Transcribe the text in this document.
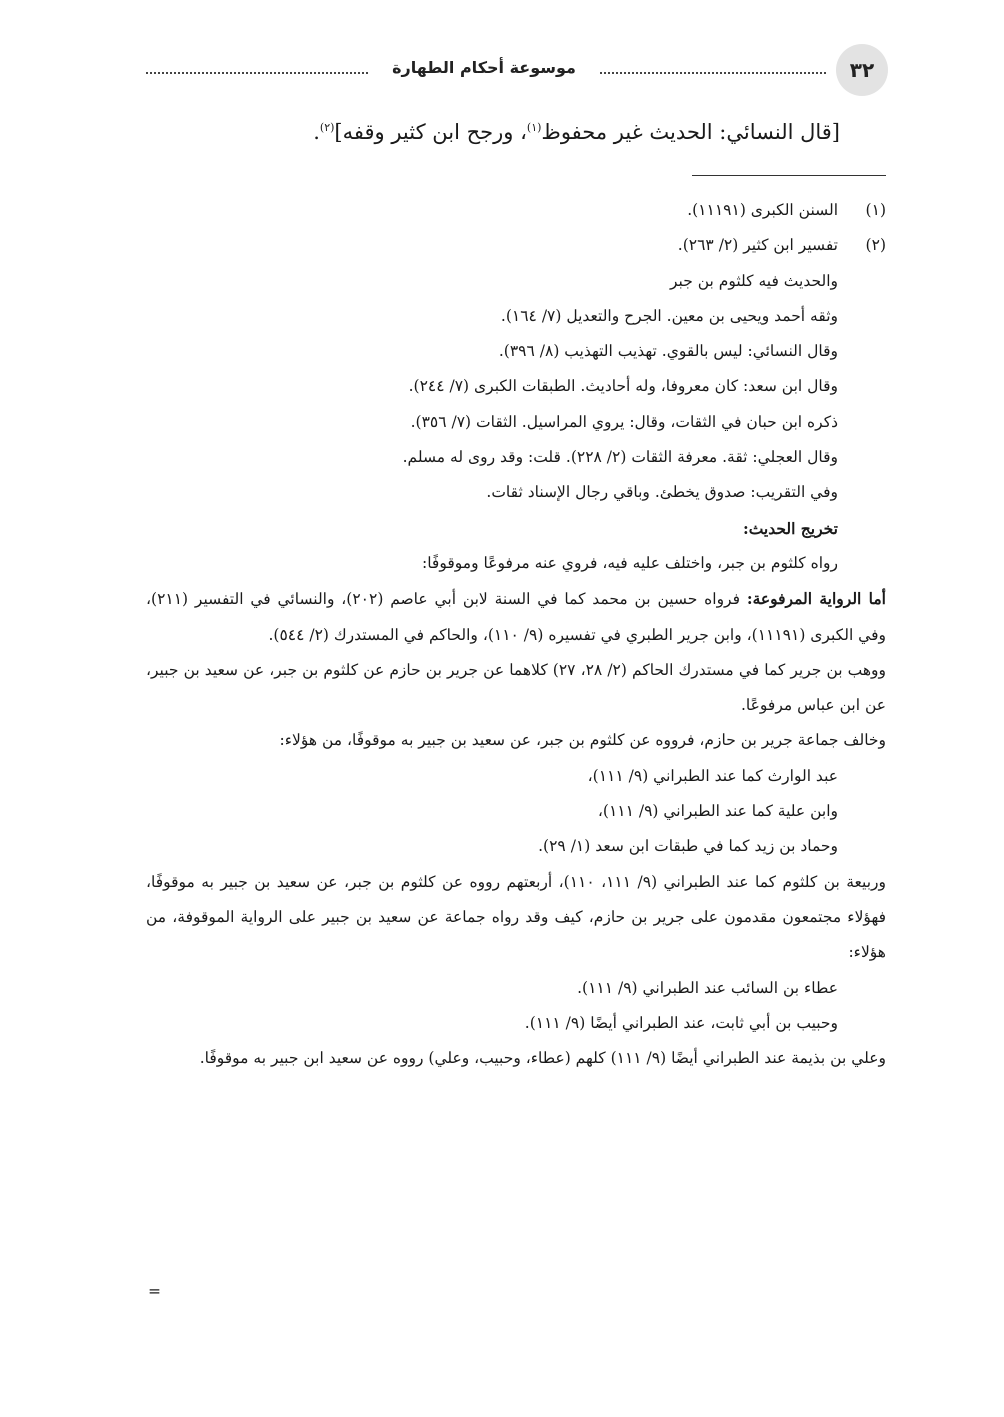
٣٢
موسوعة أحكام الطهارة
[قال النسائي: الحديث غير محفوظ$^{(١)}$، ورجح ابن كثير وقفه]$^{(٢)}$.
(١)
السنن الكبرى (١١١٩١).
(٢)
تفسير ابن كثير (٢/ ٢٦٣).
والحديث فيه كلثوم بن جبر
وثقه أحمد ويحيى بن معين. الجرح والتعديل (٧/ ١٦٤).
وقال النسائي: ليس بالقوي. تهذيب التهذيب (٨/ ٣٩٦).
وقال ابن سعد: كان معروفا، وله أحاديث. الطبقات الكبرى (٧/ ٢٤٤).
ذكره ابن حبان في الثقات، وقال: يروي المراسيل. الثقات (٧/ ٣٥٦).
وقال العجلي: ثقة. معرفة الثقات (٢/ ٢٢٨). قلت: وقد روى له مسلم.
وفي التقريب: صدوق يخطئ. وباقي رجال الإسناد ثقات.
تخريج الحديث:
رواه كلثوم بن جبر، واختلف عليه فيه، فروي عنه مرفوعًا وموقوفًا:
أما الرواية المرفوعة: فرواه حسين بن محمد كما في السنة لابن أبي عاصم (٢٠٢)، والنسائي في التفسير (٢١١)، وفي الكبرى (١١١٩١)، وابن جرير الطبري في تفسيره (٩/ ١١٠)، والحاكم في المستدرك (٢/ ٥٤٤).
ووهب بن جرير كما في مستدرك الحاكم (٢/ ٢٨، ٢٧) كلاهما عن جرير بن حازم عن كلثوم بن جبر، عن سعيد بن جبير، عن ابن عباس مرفوعًا.
وخالف جماعة جرير بن حازم، فرووه عن كلثوم بن جبر، عن سعيد بن جبير به موقوفًا، من هؤلاء:
عبد الوارث كما عند الطبراني (٩/ ١١١)،
وابن علية كما عند الطبراني (٩/ ١١١)،
وحماد بن زيد كما في طبقات ابن سعد (١/ ٢٩).
وربيعة بن كلثوم كما عند الطبراني (٩/ ١١١، ١١٠)، أربعتهم رووه عن كلثوم بن جبر، عن سعيد بن جبير به موقوفًا، فهؤلاء مجتمعون مقدمون على جرير بن حازم، كيف وقد رواه جماعة عن سعيد بن جبير على الرواية الموقوفة، من هؤلاء:
عطاء بن السائب عند الطبراني (٩/ ١١١).
وحبيب بن أبي ثابت، عند الطبراني أيضًا (٩/ ١١١).
وعلي بن بذيمة عند الطبراني أيضًا (٩/ ١١١) كلهم (عطاء، وحبيب، وعلي) رووه عن سعيد ابن جبير به موقوفًا.
=
